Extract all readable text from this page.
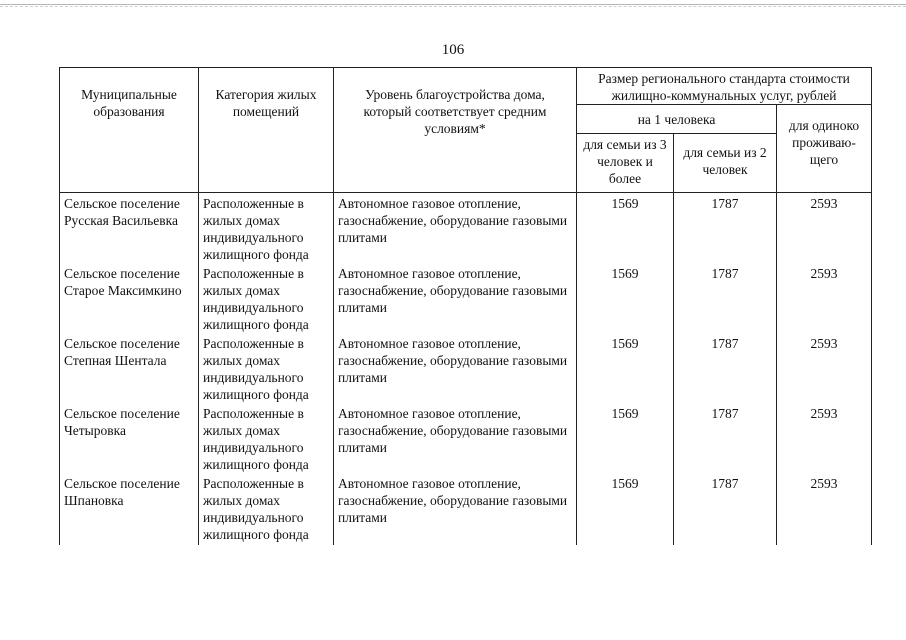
106
Муниципальные образования	Категория жилых помещений	Уровень благоустройства дома, который соответствует средним условиям*	Размер регионального стандарта стоимости жилищно-коммунальных услуг, рублей		
			на 1 человека		для одиноко проживаю-щего
			для семьи из 3 человек и более	для семьи из 2 человек	
Сельское поселение Русская Васильевка	Расположенные в жилых домах индивидуального жилищного фонда	Автономное газовое отопление, газоснабжение, оборудование газовыми плитами	1569	1787	2593
Сельское поселение Старое Максимкино	Расположенные в жилых домах индивидуального жилищного фонда	Автономное газовое отопление, газоснабжение, оборудование газовыми плитами	1569	1787	2593
Сельское поселение Степная Шентала	Расположенные в жилых домах индивидуального жилищного фонда	Автономное газовое отопление, газоснабжение, оборудование газовыми плитами	1569	1787	2593
Сельское поселение Четыровка	Расположенные в жилых домах индивидуального жилищного фонда	Автономное газовое отопление, газоснабжение, оборудование газовыми плитами	1569	1787	2593
Сельское поселение Шпановка	Расположенные в жилых домах индивидуального жилищного фонда	Автономное газовое отопление, газоснабжение, оборудование газовыми плитами	1569	1787	2593
